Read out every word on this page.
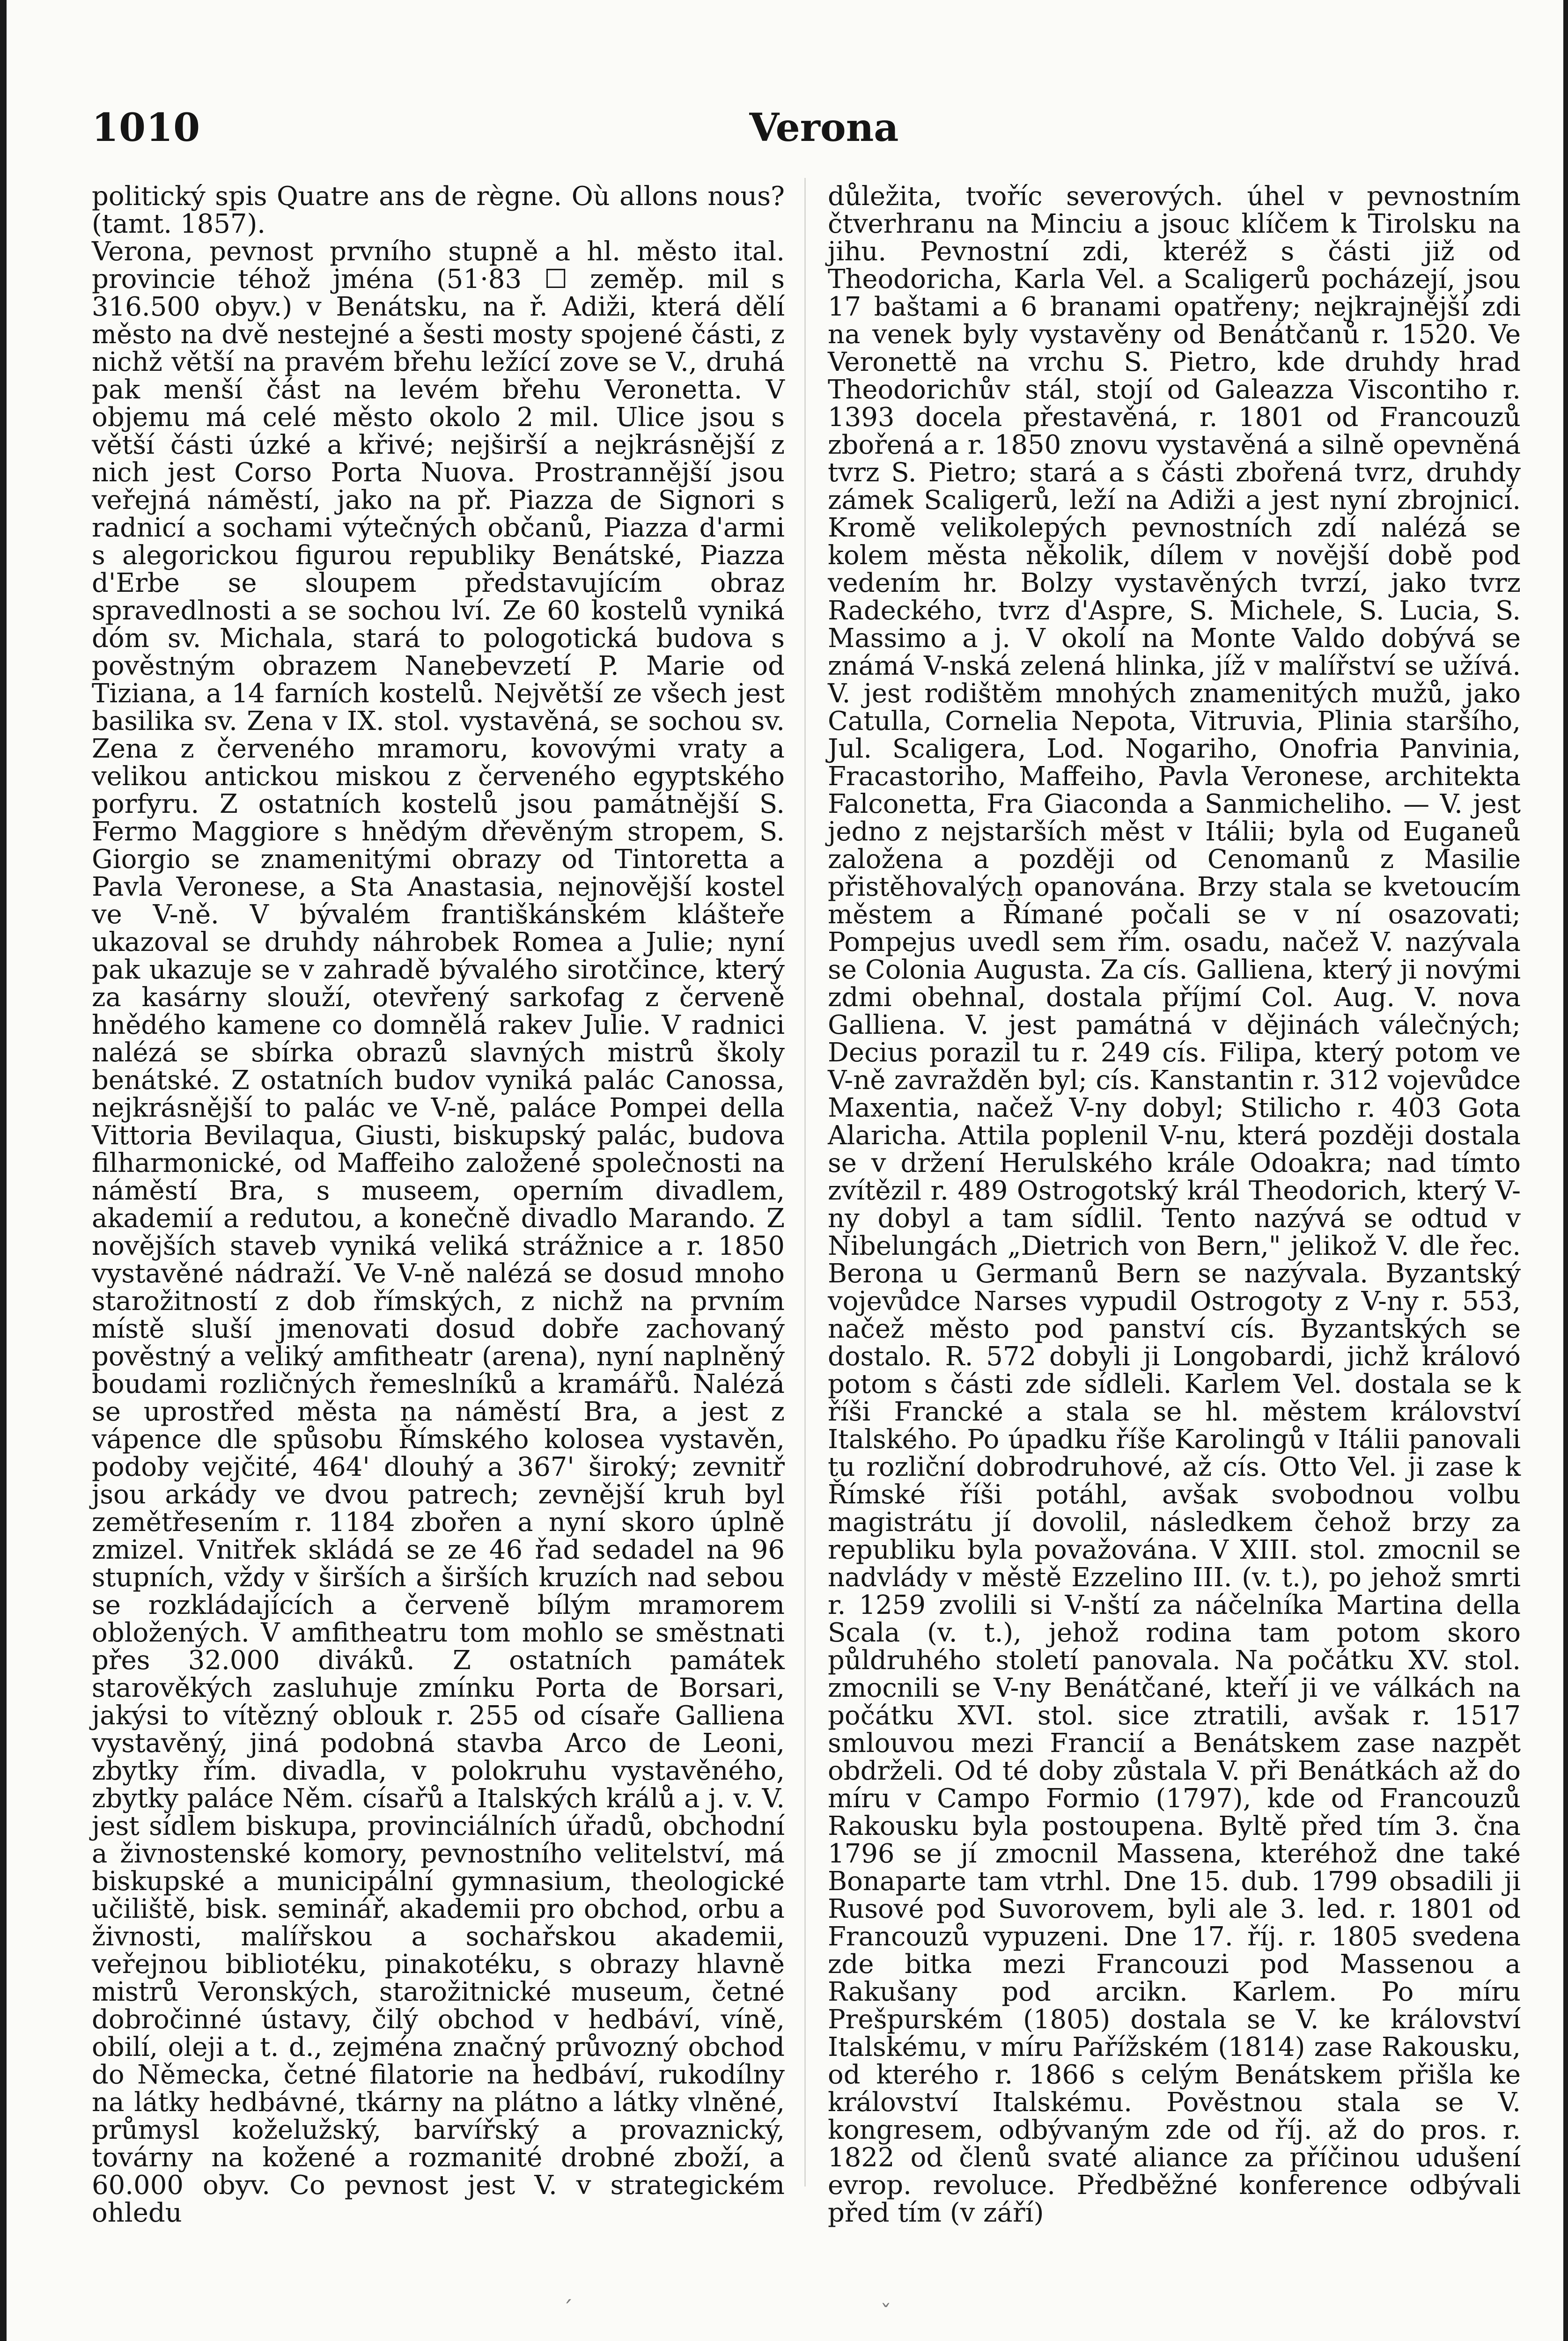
1010	Verona

politický spis Quatre ans de règne. Où allons nous? (tamt. 1857).

Verona, pevnost prvního stupně a hl. město ital. provincie téhož jména (51·83 ☐ zeměp. mil s 316.500 obyv.) v Benátsku, na ř. Adiži, která dělí město na dvě nestejné a šesti mosty spojené části, z nichž větší na pravém břehu ležící zove se V., druhá pak menší část na levém břehu Veronetta. V objemu má celé město okolo 2 mil. Ulice jsou s větší části úzké a křivé; nejširší a nejkrásnější z nich jest Corso Porta Nuova. Prostrannější jsou veřejná náměstí, jako na př. Piazza de Signori s radnicí a sochami výtečných občanů, Piazza d'armi s alegorickou figurou republiky Benátské, Piazza d'Erbe se sloupem představujícím obraz spravedlnosti a se sochou lví. Ze 60 kostelů vyniká dóm sv. Michala, stará to pologotická budova s pověstným obrazem Nanebevzetí P. Marie od Tiziana, a 14 farních kostelů. Největší ze všech jest basilika sv. Zena v IX. stol. vystavěná, se sochou sv. Zena z červeného mramoru, kovovými vraty a velikou antickou miskou z červeného egyptského porfyru. Z ostatních kostelů jsou památnější S. Fermo Maggiore s hnědým dřevěným stropem, S. Giorgio se znamenitými obrazy od Tintoretta a Pavla Veronese, a Sta Anastasia, nejnovější kostel ve V-ně. V bývalém františkánském klášteře ukazoval se druhdy náhrobek Romea a Julie; nyní pak ukazuje se v zahradě bývalého sirotčince, který za kasárny slouží, otevřený sarkofag z červeně hnědého kamene co domnělá rakev Julie. V radnici nalézá se sbírka obrazů slavných mistrů školy benátské. Z ostatních budov vyniká palác Canossa, nejkrásnější to palác ve V-ně, paláce Pompei della Vittoria Bevilaqua, Giusti, biskupský palác, budova filharmonické, od Maffeiho založené společnosti na náměstí Bra, s museem, operním divadlem, akademií a redutou, a konečně divadlo Marando. Z novějších staveb vyniká veliká strážnice a r. 1850 vystavěné nádraží. Ve V-ně nalézá se dosud mnoho starožitností z dob římských, z nichž na prvním místě sluší jmenovati dosud dobře zachovaný pověstný a veliký amfitheatr (arena), nyní naplněný boudami rozličných řemeslníků a kramářů. Nalézá se uprostřed města na náměstí Bra, a jest z vápence dle spůsobu Římského kolosea vystavěn, podoby vejčité, 464' dlouhý a 367' široký; zevnitř jsou arkády ve dvou patrech; zevnější kruh byl zemětřesením r. 1184 zbořen a nyní skoro úplně zmizel. Vnitřek skládá se ze 46 řad sedadel na 96 stupních, vždy v širších a širších kruzích nad sebou se rozkládajících a červeně bílým mramorem obložených. V amfitheatru tom mohlo se směstnati přes 32.000 diváků. Z ostatních památek starověkých zasluhuje zmínku Porta de Borsari, jakýsi to vítězný oblouk r. 255 od císaře Galliena vystavěný, jiná podobná stavba Arco de Leoni, zbytky řím. divadla, v polokruhu vystavěného, zbytky paláce Něm. císařů a Italských králů a j. v. V. jest sídlem biskupa, provinciálních úřadů, obchodní a živnostenské komory, pevnostního velitelství, má biskupské a municipální gymnasium, theologické učiliště, bisk. seminář, akademii pro obchod, orbu a živnosti, malířskou a sochařskou akademii, veřejnou bibliotéku, pinakotéku, s obrazy hlavně mistrů Veronských, starožitnické museum, četné dobročinné ústavy, čilý obchod v hedbáví, víně, obilí, oleji a t. d., zejména značný průvozný obchod do Německa, četné filatorie na hedbáví, rukodílny na látky hedbávné, tkárny na plátno a látky vlněné, průmysl koželužský, barvířský a provaznický, továrny na kožené a rozmanité drobné zboží, a 60.000 obyv. Co pevnost jest V. v strategickém ohledu

důležita, tvoříc severových. úhel v pevnostním čtverhranu na Minciu a jsouc klíčem k Tirolsku na jihu. Pevnostní zdi, kteréž s části již od Theodoricha, Karla Vel. a Scaligerů pocházejí, jsou 17 baštami a 6 branami opatřeny; nejkrajnější zdi na venek byly vystavěny od Benátčanů r. 1520. Ve Veronettě na vrchu S. Pietro, kde druhdy hrad Theodorichův stál, stojí od Galeazza Viscontiho r. 1393 docela přestavěná, r. 1801 od Francouzů zbořená a r. 1850 znovu vystavěná a silně opevněná tvrz S. Pietro; stará a s části zbořená tvrz, druhdy zámek Scaligerů, leží na Adiži a jest nyní zbrojnicí. Kromě velikolepých pevnostních zdí nalézá se kolem města několik, dílem v novější době pod vedením hr. Bolzy vystavěných tvrzí, jako tvrz Radeckého, tvrz d'Aspre, S. Michele, S. Lucia, S. Massimo a j. V okolí na Monte Valdo dobývá se známá V-nská zelená hlinka, jíž v malířství se užívá. V. jest rodištěm mnohých znamenitých mužů, jako Catulla, Cornelia Nepota, Vitruvia, Plinia staršího, Jul. Scaligera, Lod. Nogariho, Onofria Panvinia, Fracastoriho, Maffeiho, Pavla Veronese, architekta Falconetta, Fra Giaconda a Sanmicheliho. — V. jest jedno z nejstarších měst v Itálii; byla od Euganeů založena a později od Cenomanů z Masilie přistěhovalých opanována. Brzy stala se kvetoucím městem a Římané počali se v ní osazovati; Pompejus uvedl sem řím. osadu, načež V. nazývala se Colonia Augusta. Za cís. Galliena, který ji novými zdmi obehnal, dostala příjmí Col. Aug. V. nova Galliena. V. jest památná v dějinách válečných; Decius porazil tu r. 249 cís. Filipa, který potom ve V-ně zavražděn byl; cís. Kanstantin r. 312 vojevůdce Maxentia, načež V-ny dobyl; Stilicho r. 403 Gota Alaricha. Attila poplenil V-nu, která později dostala se v držení Herulského krále Odoakra; nad tímto zvítězil r. 489 Ostrogotský král Theodorich, který V-ny dobyl a tam sídlil. Tento nazývá se odtud v Nibelungách „Dietrich von Bern," jelikož V. dle řec. Berona u Germanů Bern se nazývala. Byzantský vojevůdce Narses vypudil Ostrogoty z V-ny r. 553, načež město pod panství cís. Byzantských se dostalo. R. 572 dobyli ji Longobardi, jichž královó potom s části zde sídleli. Karlem Vel. dostala se k říši Francké a stala se hl. městem království Italského. Po úpadku říše Karolingů v Itálii panovali tu rozliční dobrodruhové, až cís. Otto Vel. ji zase k Římské říši potáhl, avšak svobodnou volbu magistrátu jí dovolil, následkem čehož brzy za republiku byla považována. V XIII. stol. zmocnil se nadvlády v městě Ezzelino III. (v. t.), po jehož smrti r. 1259 zvolili si V-nští za náčelníka Martina della Scala (v. t.), jehož rodina tam potom skoro půldruhého století panovala. Na počátku XV. stol. zmocnili se V-ny Benátčané, kteří ji ve válkách na počátku XVI. stol. sice ztratili, avšak r. 1517 smlouvou mezi Francií a Benátskem zase nazpět obdrželi. Od té doby zůstala V. při Benátkách až do míru v Campo Formio (1797), kde od Francouzů Rakousku byla postoupena. Byltě před tím 3. čna 1796 se jí zmocnil Massena, kteréhož dne také Bonaparte tam vtrhl. Dne 15. dub. 1799 obsadili ji Rusové pod Suvorovem, byli ale 3. led. r. 1801 od Francouzů vypuzeni. Dne 17. říj. r. 1805 svedena zde bitka mezi Francouzi pod Massenou a Rakušany pod arcikn. Karlem. Po míru Prešpurském (1805) dostala se V. ke království Italskému, v míru Pařížském (1814) zase Rakousku, od kterého r. 1866 s celým Benátskem přišla ke království Italskému. Pověstnou stala se V. kongresem, odbývaným zde od říj. až do pros. r. 1822 od členů svaté aliance za příčinou udušení evrop. revoluce. Předběžné konference odbývali před tím (v září)

´	ˇ
